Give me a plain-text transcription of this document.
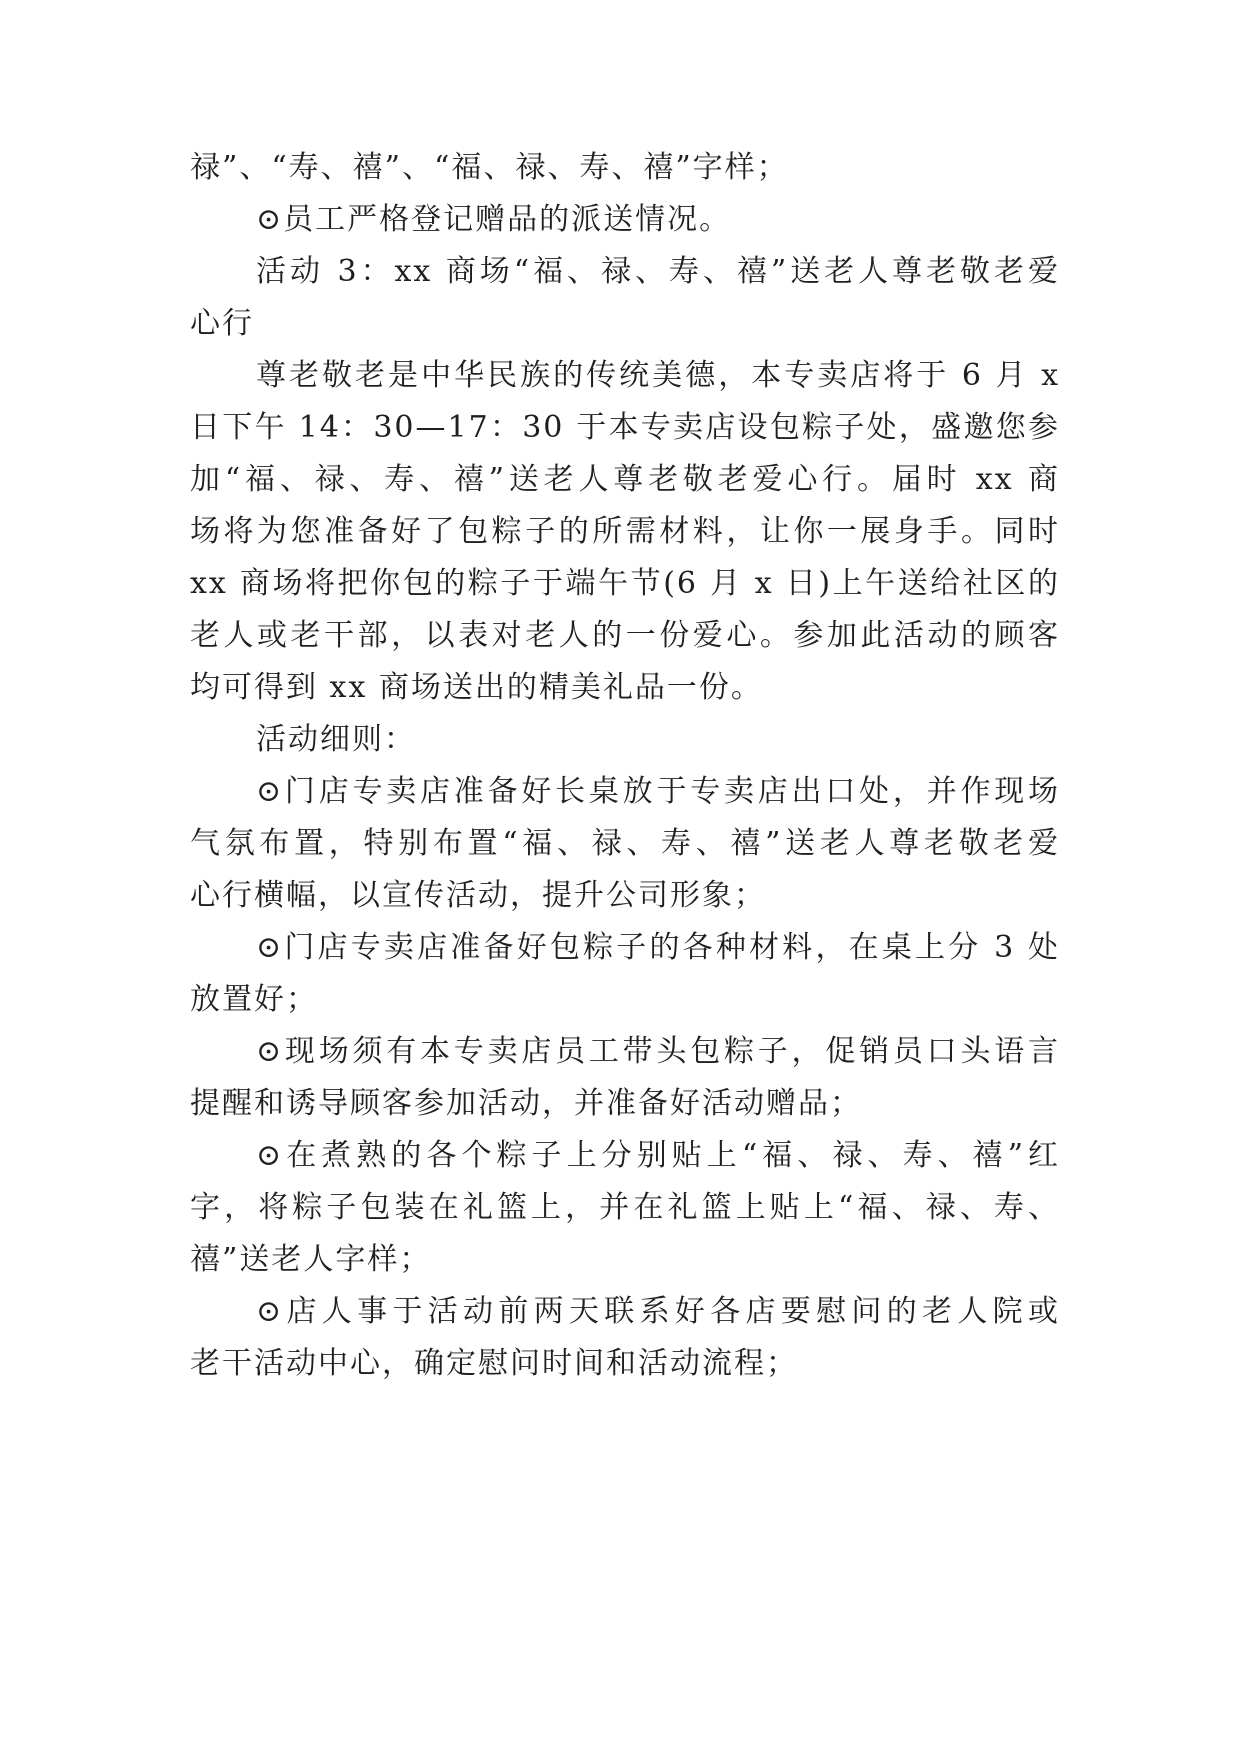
禄”、“寿、禧”、“福、禄、寿、禧”字样；
⊙员工严格登记赠品的派送情况。
活动 3：xx 商场“福、禄、寿、禧”送老人尊老敬老爱
心行
尊老敬老是中华民族的传统美德，本专卖店将于 6 月 x
日下午 14：30—17：30 于本专卖店设包粽子处，盛邀您参
加“福、禄、寿、禧”送老人尊老敬老爱心行。届时 xx 商
场将为您准备好了包粽子的所需材料，让你一展身手。同时
xx 商场将把你包的粽子于端午节(6 月 x 日)上午送给社区的
老人或老干部，以表对老人的一份爱心。参加此活动的顾客
均可得到 xx 商场送出的精美礼品一份。
活动细则：
⊙门店专卖店准备好长桌放于专卖店出口处，并作现场
气氛布置，特别布置“福、禄、寿、禧”送老人尊老敬老爱
心行横幅，以宣传活动，提升公司形象；
⊙门店专卖店准备好包粽子的各种材料，在桌上分 3 处
放置好；
⊙现场须有本专卖店员工带头包粽子，促销员口头语言
提醒和诱导顾客参加活动，并准备好活动赠品；
⊙在煮熟的各个粽子上分别贴上“福、禄、寿、禧”红
字，将粽子包装在礼篮上，并在礼篮上贴上“福、禄、寿、
禧”送老人字样；
⊙店人事于活动前两天联系好各店要慰问的老人院或
老干活动中心，确定慰问时间和活动流程；
